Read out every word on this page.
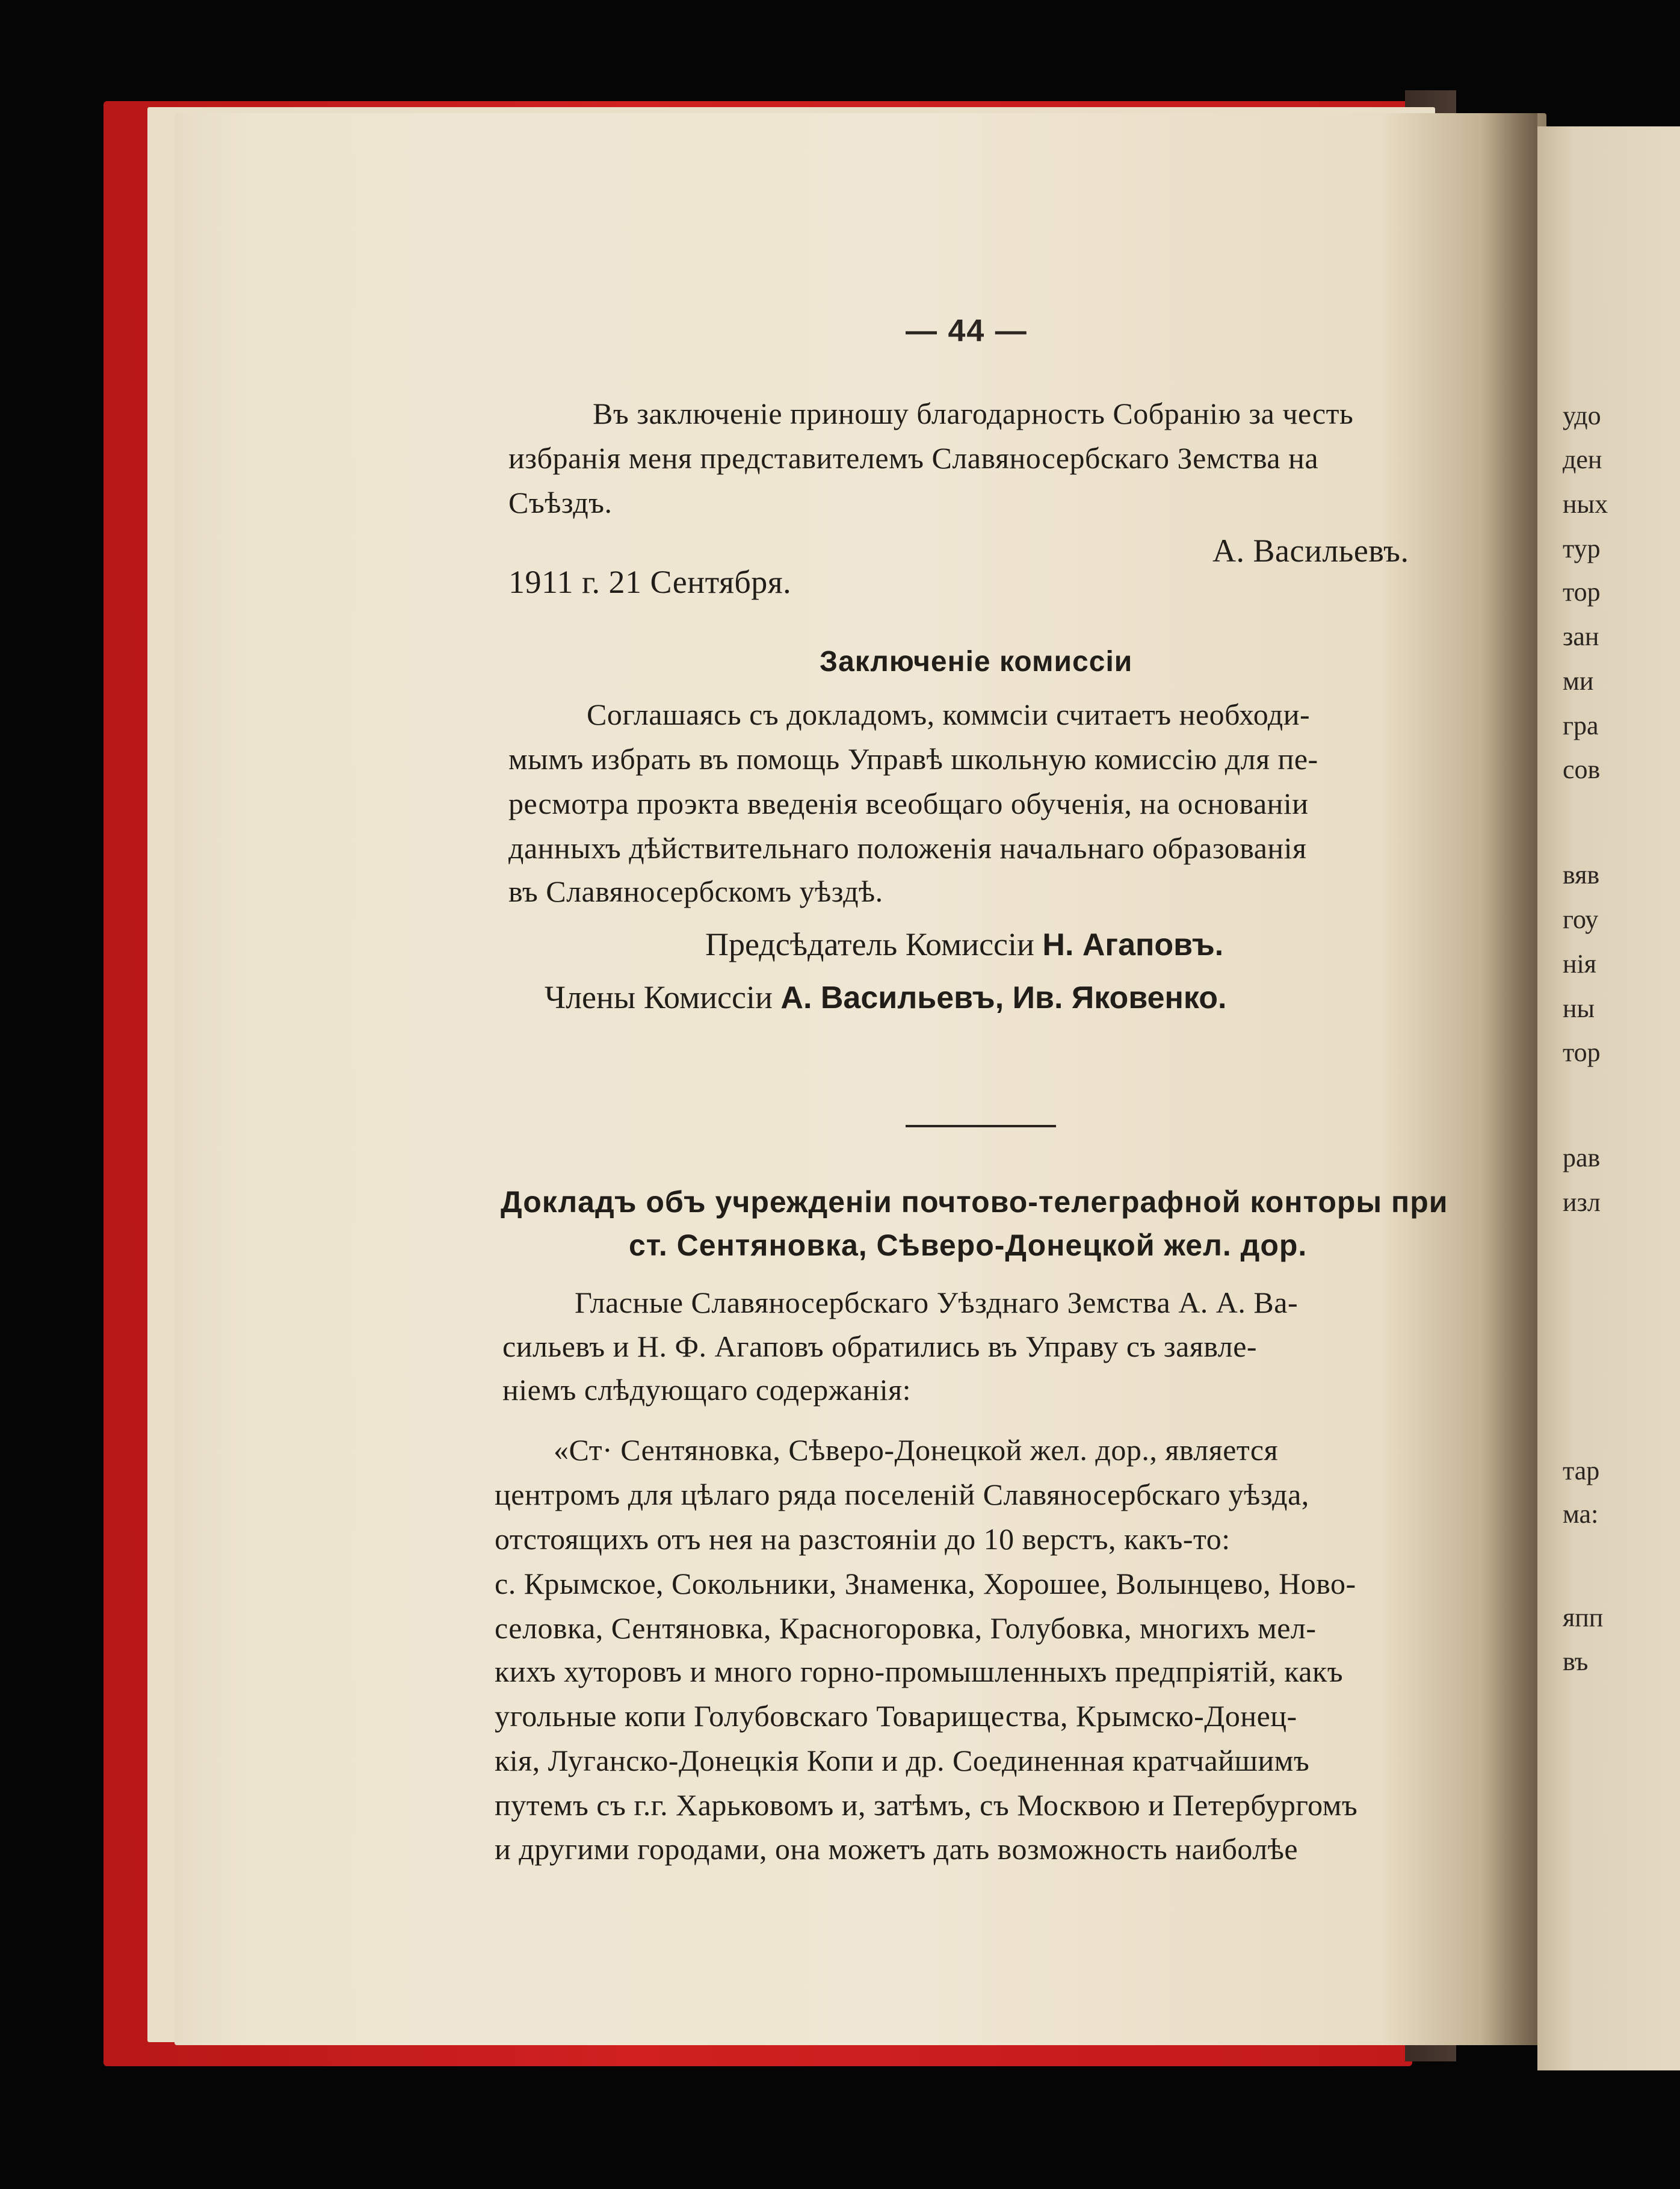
удо
ден
ных
тур
тор
зан
ми
гра
сов
вяв
гоу
нія
ны
тор
рав
изл
тар
ма:
япп
въ
— 44 —
Въ заключеніе приношу благодарность Собранію за честь
избранія меня представителемъ Славяносербскаго Земства на
Съѣздъ.
А. Васильевъ.
1911 г. 21 Сентября.
Заключеніе комиссіи
Соглашаясь съ докладомъ, коммсіи считаетъ необходи-
мымъ избрать въ помощь Управѣ школьную комиссію для пе-
ресмотра проэкта введенія всеобщаго обученія, на основаніи
данныхъ дѣйствительнаго положенія начальнаго образованія
въ Славяносербскомъ уѣздѣ.
Предсѣдатель Комиссіи Н. Агаповъ.
Члены Комиссіи А. Васильевъ, Ив. Яковенко.
Докладъ объ учрежденіи почтово-телеграфной конторы при
ст. Сентяновка, Сѣверо-Донецкой жел. дор.
Гласные Славяносербскаго Уѣзднаго Земства А. А. Ва-
сильевъ и Н. Ф. Агаповъ обратились въ Управу съ заявле-
ніемъ слѣдующаго содержанія:
«Ст· Сентяновка, Сѣверо-Донецкой жел. дор., является
центромъ для цѣлаго ряда поселеній Славяносербскаго уѣзда,
отстоящихъ отъ нея на разстояніи до 10 верстъ, какъ-то:
с. Крымское, Сокольники, Знаменка, Хорошее, Волынцево, Ново-
селовка, Сентяновка, Красногоровка, Голубовка, многихъ мел-
кихъ хуторовъ и много горно-промышленныхъ предпріятій, какъ
угольные копи Голубовскаго Товарищества, Крымско-Донец-
кія, Луганско-Донецкія Копи и др. Соединенная кратчайшимъ
путемъ съ г.г. Харьковомъ и, затѣмъ, съ Москвою и Петербургомъ
и другими городами, она можетъ дать возможность наиболѣе
